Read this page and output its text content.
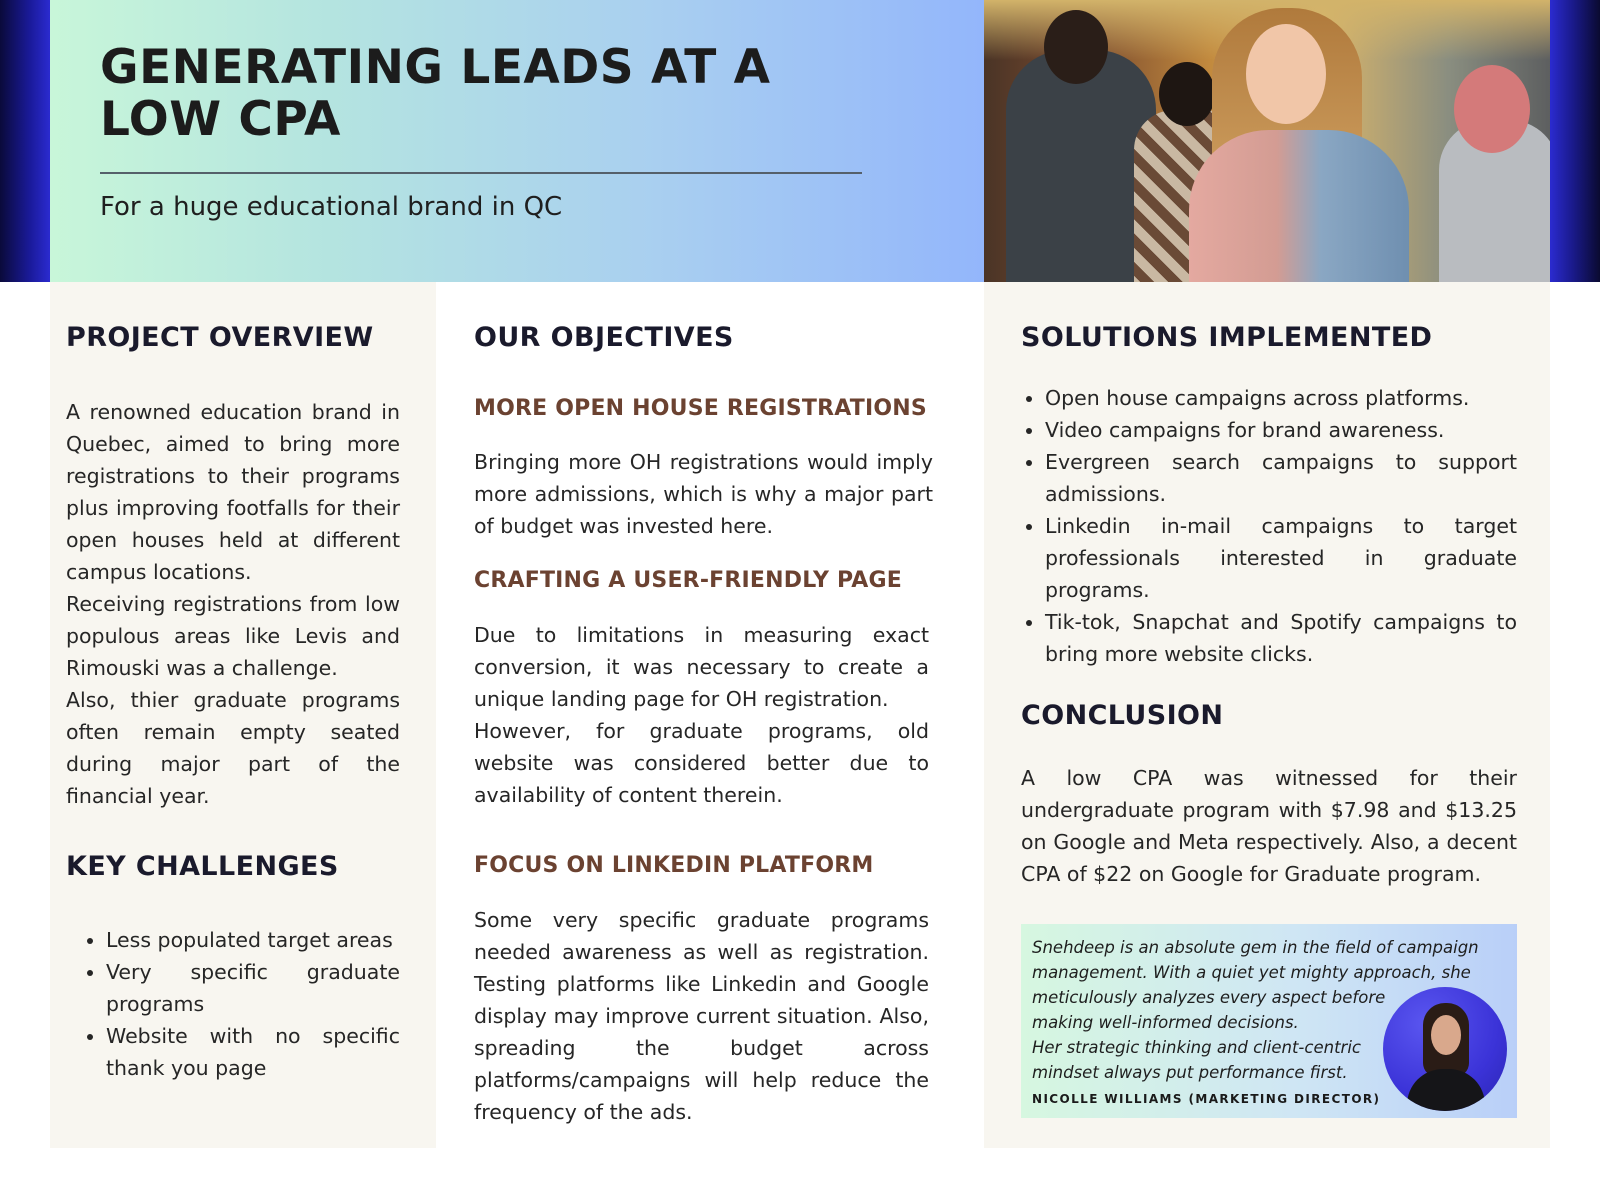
GENERATING LEADS AT A LOW CPA
For a huge educational brand in QC
PROJECT OVERVIEW

A renowned education brand in Quebec, aimed to bring more registrations to their programs plus improving footfalls for their open houses held at different campus locations.

Receiving registrations from low populous areas like Levis and Rimouski was a challenge.

Also, thier graduate programs often remain empty seated during major part of the financial year.

KEY CHALLENGES
• Less populated target areas
• Very specific graduate programs
• Website with no specific thank you page
OUR OBJECTIVES
MORE OPEN HOUSE REGISTRATIONS

Bringing more OH registrations would imply more admissions, which is why a major part of budget was invested here.

CRAFTING A USER-FRIENDLY PAGE

Due to limitations in measuring exact conversion, it was necessary to create a unique landing page for OH registration.

However, for graduate programs, old website was considered better due to availability of content therein.

FOCUS ON LINKEDIN PLATFORM

Some very specific graduate programs needed awareness as well as registration. Testing platforms like Linkedin and Google display may improve current situation. Also, spreading the budget across platforms/campaigns will help reduce the frequency of the ads.

SOLUTIONS IMPLEMENTED
• Open house campaigns across platforms.
• Video campaigns for brand awareness.
• Evergreen search campaigns to support admissions.
• Linkedin in-mail campaigns to target professionals interested in graduate programs.
• Tik-tok, Snapchat and Spotify campaigns to bring more website clicks.
CONCLUSION

A low CPA was witnessed for their undergraduate program with $7.98 and $13.25 on Google and Meta respectively. Also, a decent CPA of $22 on Google for Graduate program.

Snehdeep is an absolute gem in the field of campaign
management. With a quiet yet mighty approach, she
meticulously analyzes every aspect before
making well-informed decisions.
Her strategic thinking and client-centric
mindset always put performance first.
NICOLLE WILLIAMS (MARKETING DIRECTOR)
